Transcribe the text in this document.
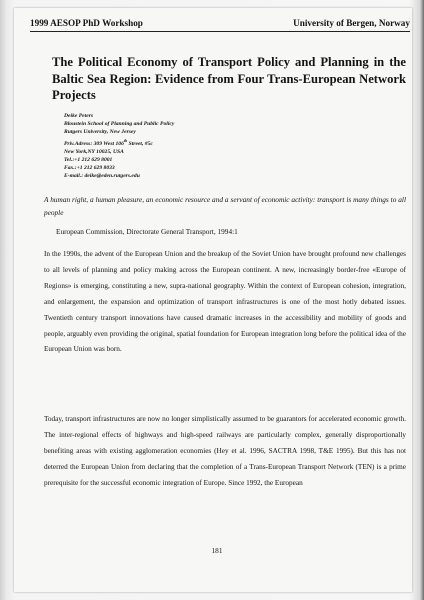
1999 AESOP PhD Workshop	University of Bergen, Norway
The Political Economy of Transport Policy and Planning in the Baltic Sea Region: Evidence from Four Trans-European Network Projects
Deike Peters
Bloustein School of Planning and Public Policy
Rutgers University, New Jersey
Priv.Adress: 309 West 106th Street, #5c
New York,NY 10025, USA
Tel.:+1 212 629 8001
Fax.:+1 212 629 8033
E-mail.: deike@eden.rutgers.edu
A human right, a human pleasure, an economic resource and a servant of economic activity: transport is many things to all people
European Commission, Directorate General Transport, 1994:1
In the 1990s, the advent of the European Union and the breakup of the Soviet Union have brought profound new challenges to all levels of planning and policy making across the European continent. A new, increasingly border-free «Europe of Regions» is emerging, constituting a new, supra-national geography. Within the context of European cohesion, integration, and enlargement, the expansion and optimization of transport infrastructures is one of the most hotly debated issues. Twentieth century transport innovations have caused dramatic increases in the accessibility and mobility of goods and people, arguably even providing the original, spatial foundation for European integration long before the political idea of the European Union was born.
Today, transport infrastructures are now no longer simplistically assumed to be guarantors for accelerated economic growth. The inter-regional effects of highways and high-speed railways are particularly complex, generally disproportionally benefiting areas with existing agglomeration economies (Hey et al. 1996, SACTRA 1998, T&E 1995). But this has not deterred the European Union from declaring that the completion of a Trans-European Transport Network (TEN) is a prime prerequisite for the successful economic integration of Europe. Since 1992, the European
181
